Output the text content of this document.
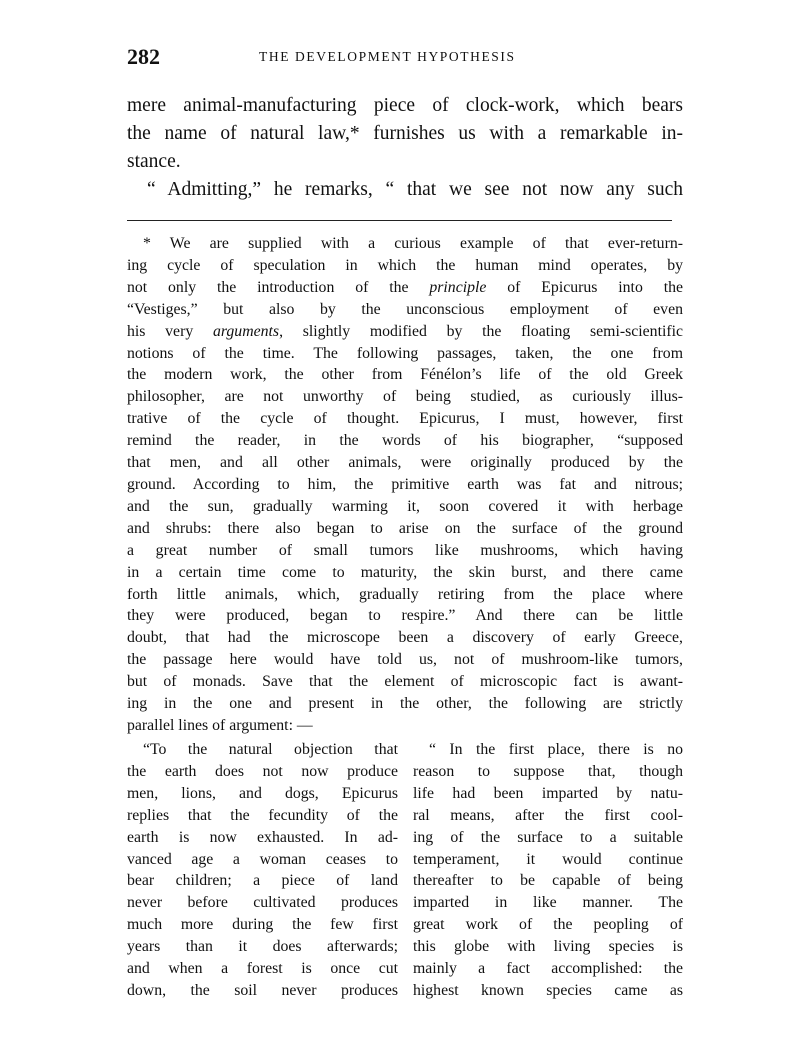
282	THE DEVELOPMENT HYPOTHESIS
mere animal-manufacturing piece of clock-work, which bears
the name of natural law,* furnishes us with a remarkable in-
stance.
“ Admitting,” he remarks, “ that we see not now any such
* We are supplied with a curious example of that ever-return-
ing cycle of speculation in which the human mind operates, by
not only the introduction of the principle of Epicurus into the
“Vestiges,” but also by the unconscious employment of even
his very arguments, slightly modified by the floating semi-scientific
notions of the time. The following passages, taken, the one from
the modern work, the other from Fénélon’s life of the old Greek
philosopher, are not unworthy of being studied, as curiously illus-
trative of the cycle of thought. Epicurus, I must, however, first
remind the reader, in the words of his biographer, “supposed
that men, and all other animals, were originally produced by the
ground. According to him, the primitive earth was fat and nitrous;
and the sun, gradually warming it, soon covered it with herbage
and shrubs: there also began to arise on the surface of the ground
a great number of small tumors like mushrooms, which having
in a certain time come to maturity, the skin burst, and there came
forth little animals, which, gradually retiring from the place where
they were produced, began to respire.” And there can be little
doubt, that had the microscope been a discovery of early Greece,
the passage here would have told us, not of mushroom-like tumors,
but of monads. Save that the element of microscopic fact is awant-
ing in the one and present in the other, the following are strictly
parallel lines of argument: —
“To the natural objection that
the earth does not now produce
men, lions, and dogs, Epicurus
replies that the fecundity of the
earth is now exhausted. In ad-
vanced age a woman ceases to
bear children; a piece of land
never before cultivated produces
much more during the few first
years than it does afterwards;
and when a forest is once cut
down, the soil never produces
“ In the first place, there is no
reason to suppose that, though
life had been imparted by natu-
ral means, after the first cool-
ing of the surface to a suitable
temperament, it would continue
thereafter to be capable of being
imparted in like manner. The
great work of the peopling of
this globe with living species is
mainly a fact accomplished: the
highest known species came as
